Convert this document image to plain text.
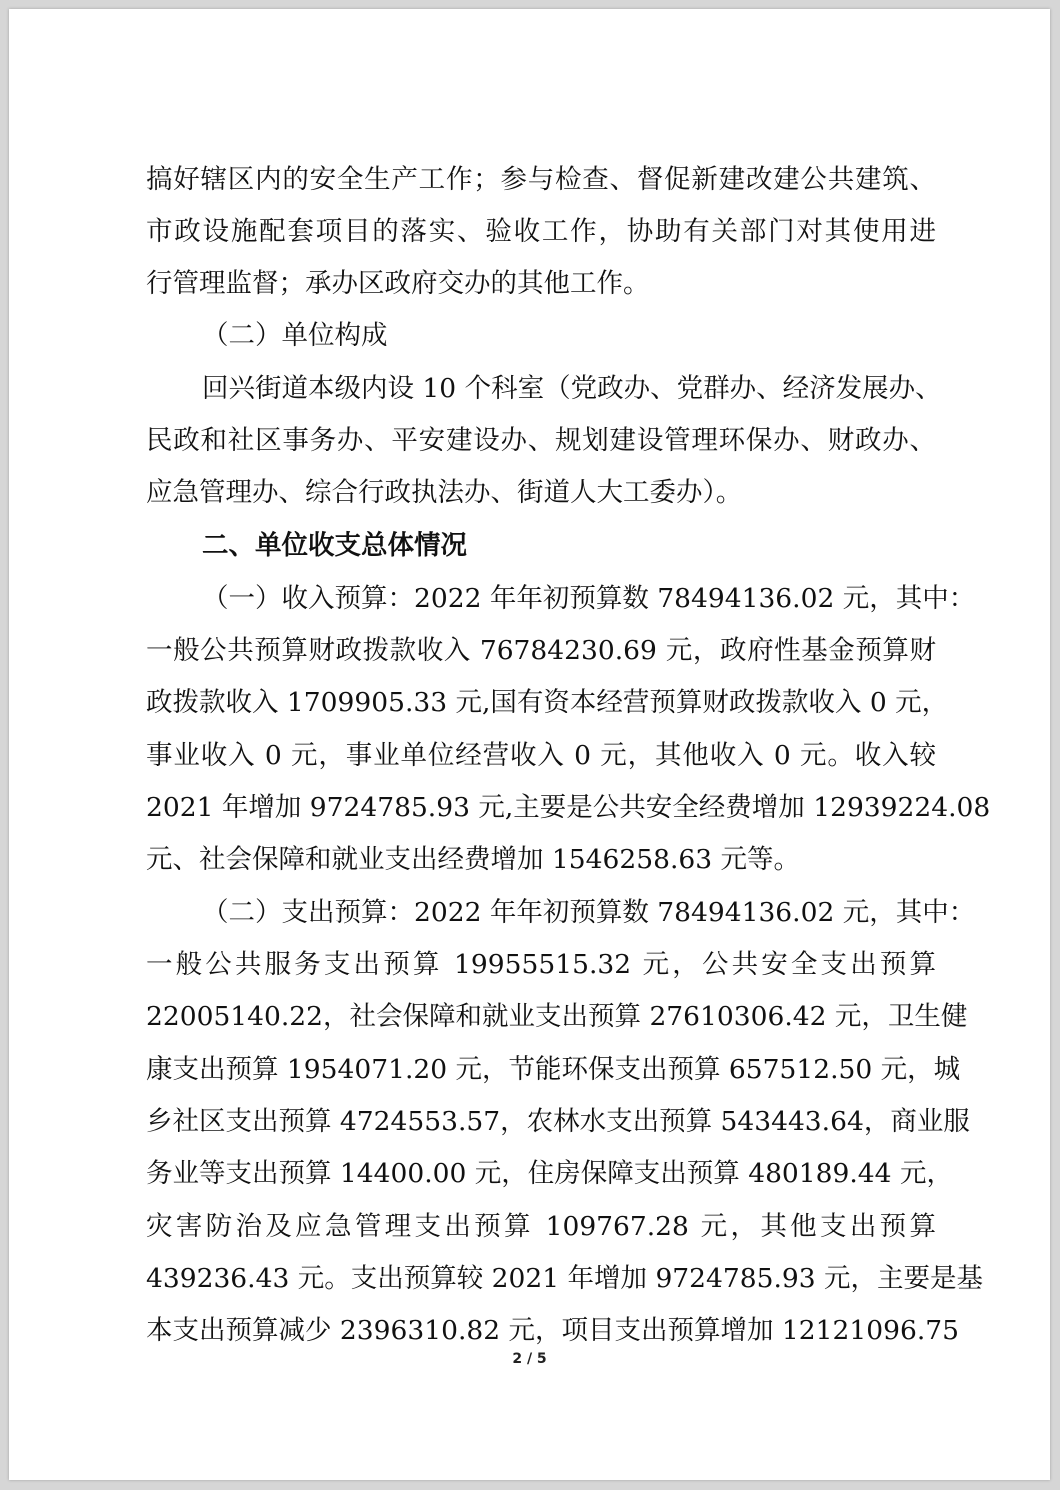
搞好辖区内的安全生产工作；参与检查、督促新建改建公共建筑、
市政设施配套项目的落实、验收工作，协助有关部门对其使用进
行管理监督；承办区政府交办的其他工作。
（二）单位构成
回兴街道本级内设 10 个科室（党政办、党群办、经济发展办、
民政和社区事务办、平安建设办、规划建设管理环保办、财政办、
应急管理办、综合行政执法办、街道人大工委办）。
二、单位收支总体情况
（一）收入预算：2022 年年初预算数 78494136.02 元，其中：
一般公共预算财政拨款收入 76784230.69 元，政府性基金预算财
政拨款收入 1709905.33 元,国有资本经营预算财政拨款收入 0 元，
事业收入 0 元，事业单位经营收入 0 元，其他收入 0 元。收入较
2021 年增加 9724785.93 元,主要是公共安全经费增加 12939224.08
元、社会保障和就业支出经费增加 1546258.63 元等。
（二）支出预算：2022 年年初预算数 78494136.02 元，其中：
一般公共服务支出预算 19955515.32 元，公共安全支出预算
22005140.22，社会保障和就业支出预算 27610306.42 元，卫生健
康支出预算 1954071.20 元，节能环保支出预算 657512.50 元，城
乡社区支出预算 4724553.57，农林水支出预算 543443.64，商业服
务业等支出预算 14400.00 元，住房保障支出预算 480189.44 元，
灾害防治及应急管理支出预算 109767.28 元，其他支出预算
439236.43 元。支出预算较 2021 年增加 9724785.93 元，主要是基
本支出预算减少 2396310.82 元，项目支出预算增加 12121096.75
2 / 5
